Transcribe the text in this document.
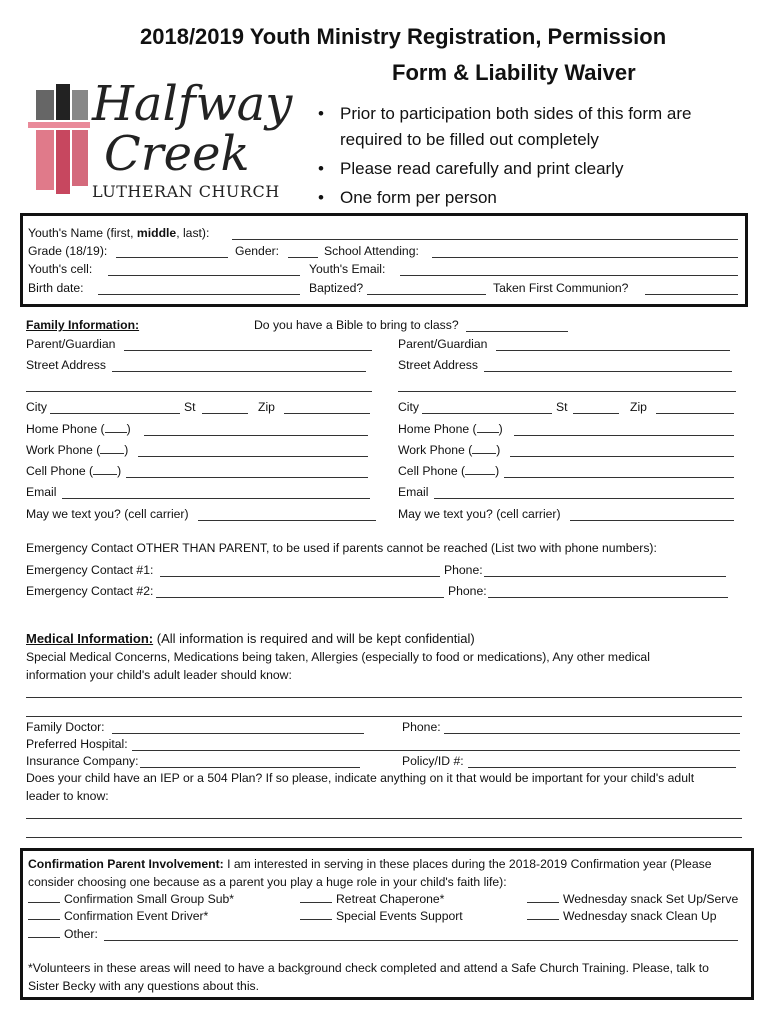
2018/2019 Youth Ministry Registration, Permission
Form & Liability Waiver
Halfway
Creek
LUTHERAN CHURCH
• Prior to participation both sides of this form are
required to be filled out completely
• Please read carefully and print clearly
• One form per person
Youth's Name (first, middle, last):
Grade (18/19):	Gender:	School Attending:
Youth's cell:	Youth's Email:
Birth date:	Baptized?	Taken First Communion?
Family Information:	Do you have a Bible to bring to class?
Parent/Guardian
Street Address
City	St	Zip
Home Phone ( )
Work Phone ( )
Cell Phone ( )
Email
May we text you? (cell carrier)
Parent/Guardian
Street Address
City	St	Zip
Home Phone ( )
Work Phone ( )
Cell Phone ( )
Email
May we text you? (cell carrier)
Emergency Contact OTHER THAN PARENT, to be used if parents cannot be reached (List two with phone numbers):
Emergency Contact #1:	Phone:
Emergency Contact #2:	Phone:
Medical Information: (All information is required and will be kept confidential)
Special Medical Concerns, Medications being taken, Allergies (especially to food or medications), Any other medical
information your child's adult leader should know:
Family Doctor:	Phone:
Preferred Hospital:
Insurance Company:	Policy/ID #:
Does your child have an IEP or a 504 Plan? If so please, indicate anything on it that would be important for your child's adult
leader to know:
Confirmation Parent Involvement: I am interested in serving in these places during the 2018-2019 Confirmation year (Please
consider choosing one because as a parent you play a huge role in your child's faith life):
Confirmation Small Group Sub*	Retreat Chaperone*	Wednesday snack Set Up/Serve
Confirmation Event Driver*	Special Events Support	Wednesday snack Clean Up
Other:
*Volunteers in these areas will need to have a background check completed and attend a Safe Church Training. Please, talk to
Sister Becky with any questions about this.
